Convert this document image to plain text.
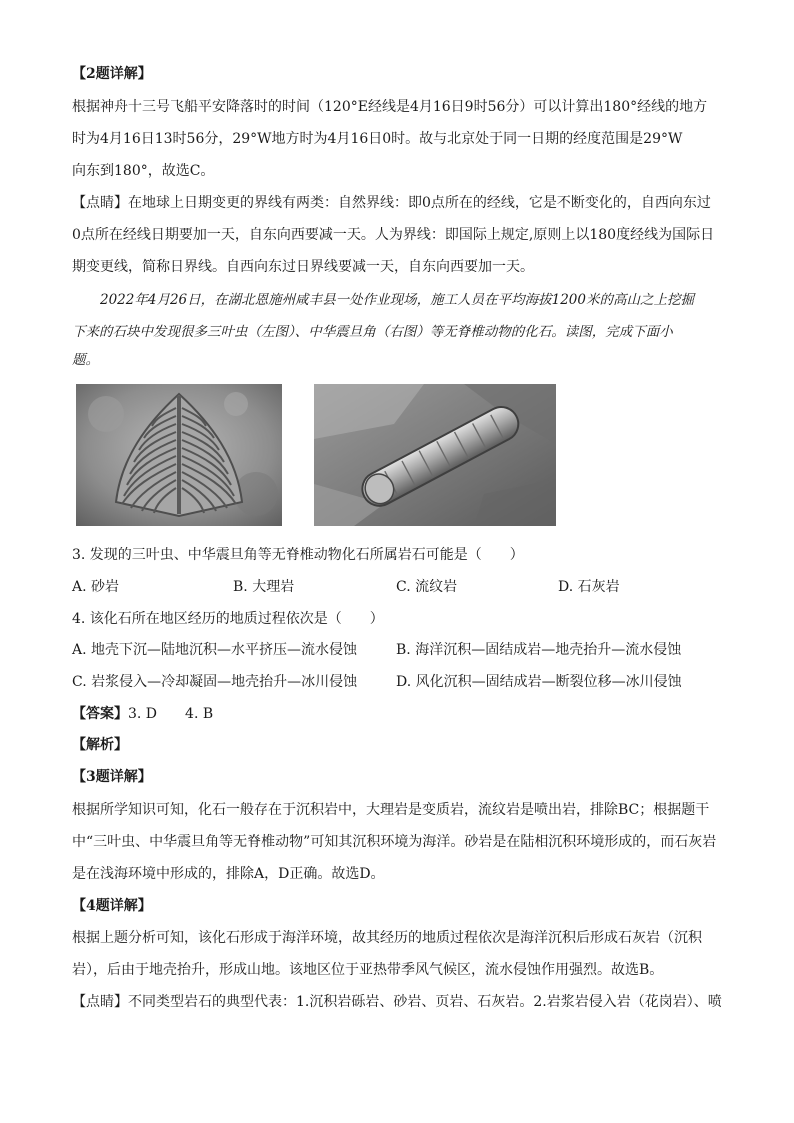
【2题详解】
根据神舟十三号飞船平安降落时的时间（120°E经线是4月16日9时56分）可以计算出180°经线的地方
时为4月16日13时56分，29°W地方时为4月16日0时。故与北京处于同一日期的经度范围是29°W
向东到180°，故选C。
【点睛】在地球上日期变更的界线有两类：自然界线：即0点所在的经线，它是不断变化的，自西向东过
0点所在经线日期要加一天，自东向西要减一天。人为界线：即国际上规定,原则上以180度经线为国际日
期变更线，简称日界线。自西向东过日界线要减一天，自东向西要加一天。
2022年4月26日，在湖北恩施州咸丰县一处作业现场，施工人员在平均海拔1200米的高山之上挖掘
下来的石块中发现很多三叶虫（左图）、中华震旦角（右图）等无脊椎动物的化石。读图，完成下面小
题。
3. 发现的三叶虫、中华震旦角等无脊椎动物化石所属岩石可能是（　　）
A. 砂岩	B. 大理岩	C. 流纹岩	D. 石灰岩
4. 该化石所在地区经历的地质过程依次是（　　）
A. 地壳下沉—陆地沉积—水平挤压—流水侵蚀	B. 海洋沉积—固结成岩—地壳抬升—流水侵蚀
C. 岩浆侵入—冷却凝固—地壳抬升—冰川侵蚀	D. 风化沉积—固结成岩—断裂位移—冰川侵蚀
【答案】3. D　　4. B
【解析】
【3题详解】
根据所学知识可知，化石一般存在于沉积岩中，大理岩是变质岩，流纹岩是喷出岩，排除BC；根据题干
中“三叶虫、中华震旦角等无脊椎动物”可知其沉积环境为海洋。砂岩是在陆相沉积环境形成的，而石灰岩
是在浅海环境中形成的，排除A，D正确。故选D。
【4题详解】
根据上题分析可知，该化石形成于海洋环境，故其经历的地质过程依次是海洋沉积后形成石灰岩（沉积
岩），后由于地壳抬升，形成山地。该地区位于亚热带季风气候区，流水侵蚀作用强烈。故选B。
【点睛】不同类型岩石的典型代表：1.沉积岩砾岩、砂岩、页岩、石灰岩。2.岩浆岩侵入岩（花岗岩）、喷
